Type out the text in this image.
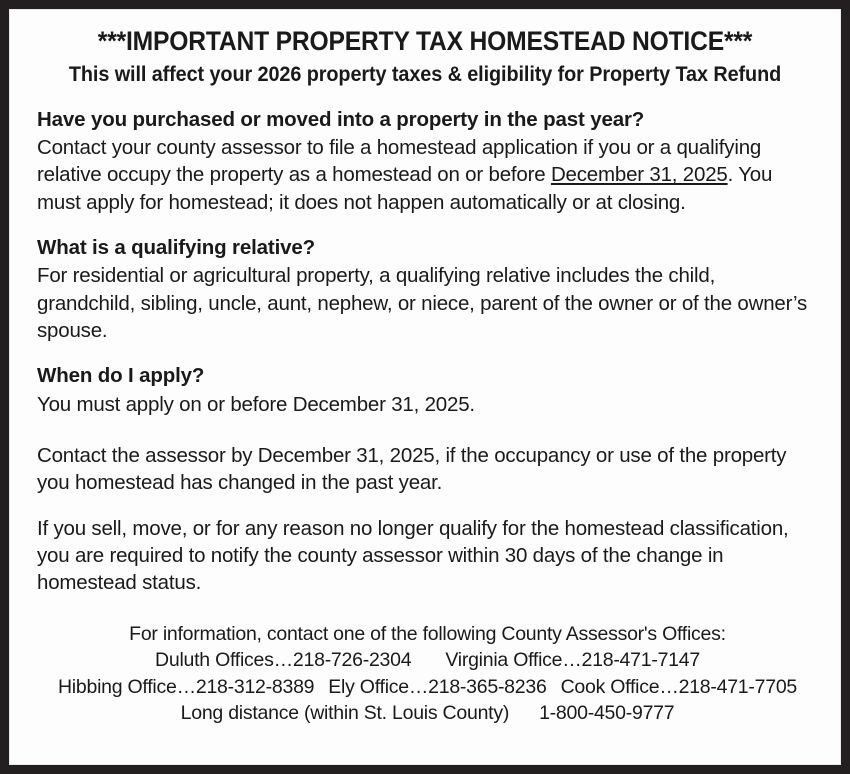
***IMPORTANT PROPERTY TAX HOMESTEAD NOTICE***
This will affect your 2026 property taxes & eligibility for Property Tax Refund
Have you purchased or moved into a property in the past year?

Contact your county assessor to file a homestead application if you or a qualifying relative occupy the property as a homestead on or before December 31, 2025. You must apply for homestead; it does not happen automatically or at closing.

What is a qualifying relative?

For residential or agricultural property, a qualifying relative includes the child, grandchild, sibling, uncle, aunt, nephew, or niece, parent of the owner or of the owner’s spouse.

When do I apply?

You must apply on or before December 31, 2025.

Contact the assessor by December 31, 2025, if the occupancy or use of the property you homestead has changed in the past year.

If you sell, move, or for any reason no longer qualify for the homestead classification, you are required to notify the county assessor within 30 days of the change in homestead status.

For information, contact one of the following County Assessor's Offices:
Duluth Offices…218-726-2304 Virginia Office…218-471-7147
Hibbing Office…218-312-8389 Ely Office…218-365-8236 Cook Office…218-471-7705
Long distance (within St. Louis County) 1-800-450-9777
